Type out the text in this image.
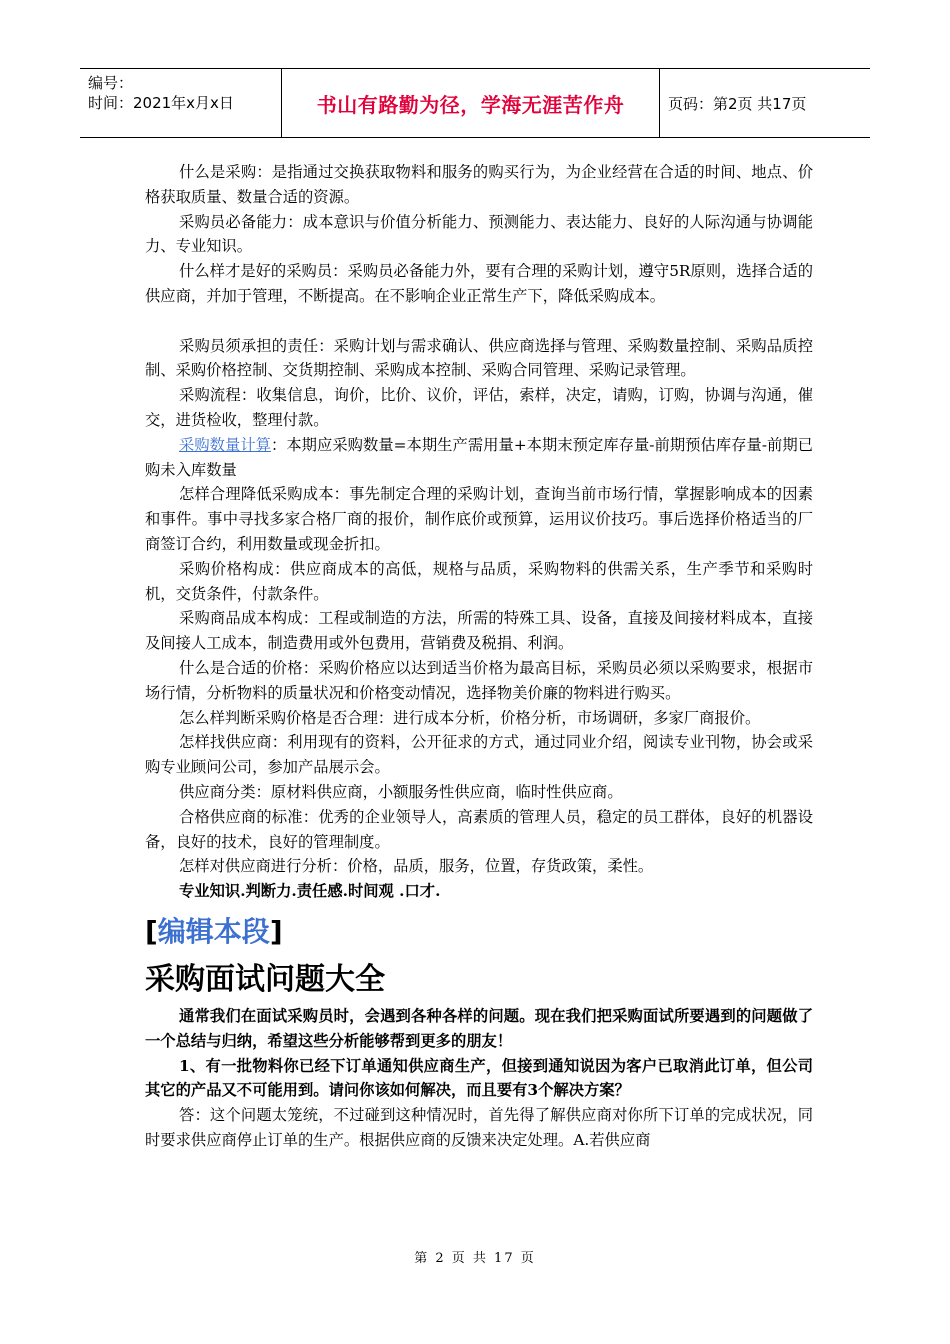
编号：
时间：2021年x月x日	书山有路勤为径，学海无涯苦作舟	页码：第2页 共17页

什么是采购：是指通过交换获取物料和服务的购买行为，为企业经营在合适的时间、地点、价格获取质量、数量合适的资源。

采购员必备能力：成本意识与价值分析能力、预测能力、表达能力、良好的人际沟通与协调能力、专业知识。

什么样才是好的采购员：采购员必备能力外，要有合理的采购计划，遵守5R原则，选择合适的供应商，并加于管理，不断提高。在不影响企业正常生产下，降低采购成本。

采购员须承担的责任：采购计划与需求确认、供应商选择与管理、采购数量控制、采购品质控制、采购价格控制、交货期控制、采购成本控制、采购合同管理、采购记录管理。

采购流程：收集信息，询价，比价、议价，评估，索样，决定，请购，订购，协调与沟通，催交，进货检收，整理付款。

采购数量计算：本期应采购数量=本期生产需用量+本期末预定库存量-前期预估库存量-前期已购未入库数量

怎样合理降低采购成本：事先制定合理的采购计划，查询当前市场行情，掌握影响成本的因素和事件。事中寻找多家合格厂商的报价，制作底价或预算，运用议价技巧。事后选择价格适当的厂商签订合约，利用数量或现金折扣。

采购价格构成：供应商成本的高低，规格与品质，采购物料的供需关系，生产季节和采购时机，交货条件，付款条件。

采购商品成本构成：工程或制造的方法，所需的特殊工具、设备，直接及间接材料成本，直接及间接人工成本，制造费用或外包费用，营销费及税捐、利润。

什么是合适的价格：采购价格应以达到适当价格为最高目标，采购员必须以采购要求，根据市场行情，分析物料的质量状况和价格变动情况，选择物美价廉的物料进行购买。

怎么样判断采购价格是否合理：进行成本分析，价格分析，市场调研，多家厂商报价。

怎样找供应商：利用现有的资料，公开征求的方式，通过同业介绍，阅读专业刊物，协会或采购专业顾问公司，参加产品展示会。

供应商分类：原材料供应商，小额服务性供应商，临时性供应商。

合格供应商的标准：优秀的企业领导人，高素质的管理人员，稳定的员工群体，良好的机器设备，良好的技术，良好的管理制度。

怎样对供应商进行分析：价格，品质，服务，位置，存货政策，柔性。

专业知识.判断力.责任感.时间观 .口才.

[编辑本段]
采购面试问题大全

通常我们在面试采购员时，会遇到各种各样的问题。现在我们把采购面试所要遇到的问题做了一个总结与归纳，希望这些分析能够帮到更多的朋友！

1、有一批物料你已经下订单通知供应商生产，但接到通知说因为客户已取消此订单，但公司其它的产品又不可能用到。请问你该如何解决，而且要有3个解决方案？

答：这个问题太笼统，不过碰到这种情况时，首先得了解供应商对你所下订单的完成状况，同时要求供应商停止订单的生产。根据供应商的反馈来决定处理。A.若供应商

第 2 页 共 17 页
